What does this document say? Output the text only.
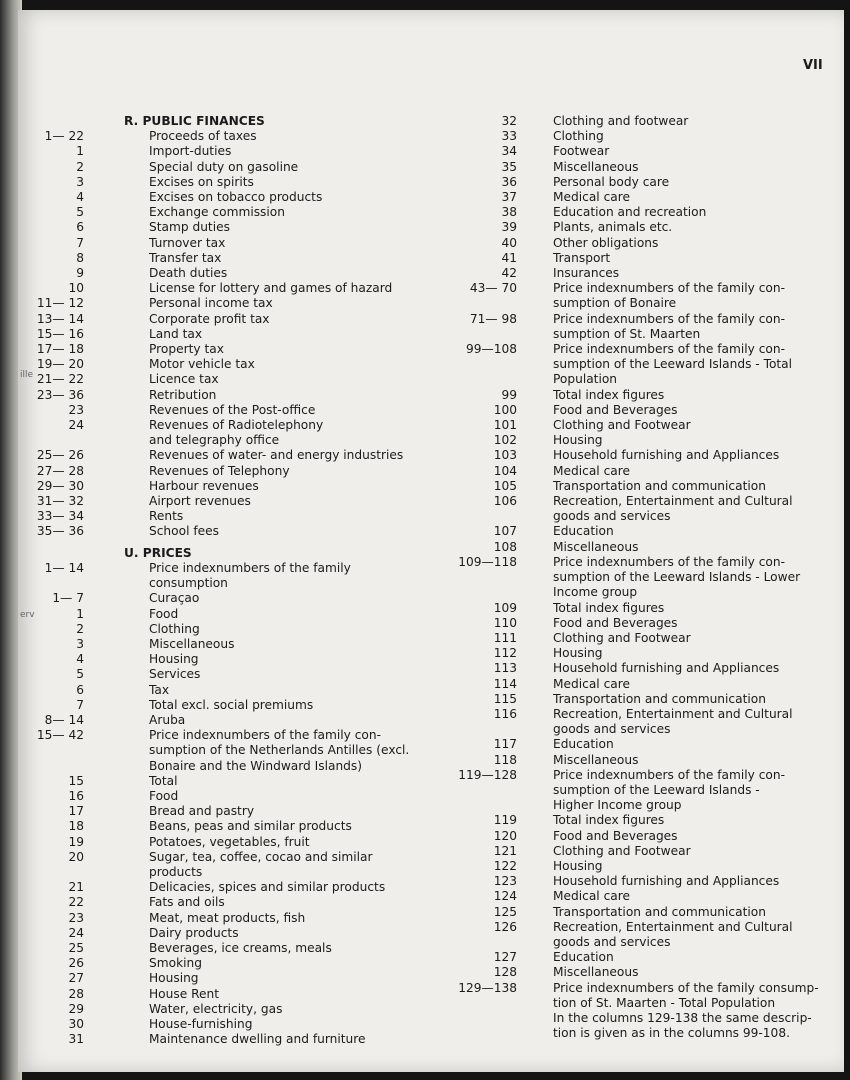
ille
erv
VII
R. PUBLIC FINANCES
1— 22	Proceeds of taxes
1	Import-duties
2	Special duty on gasoline
3	Excises on spirits
4	Excises on tobacco products
5	Exchange commission
6	Stamp duties
7	Turnover tax
8	Transfer tax
9	Death duties
10	License for lottery and games of hazard
11— 12	Personal income tax
13— 14	Corporate profit tax
15— 16	Land tax
17— 18	Property tax
19— 20	Motor vehicle tax
21— 22	Licence tax
23— 36	Retribution
23	Revenues of the Post-office
24	Revenues of Radiotelephony
and telegraphy office
25— 26	Revenues of water- and energy industries
27— 28	Revenues of Telephony
29— 30	Harbour revenues
31— 32	Airport revenues
33— 34	Rents
35— 36	School fees
U. PRICES
1— 14	Price indexnumbers of the family
consumption
1— 7	Curaçao
1	Food
2	Clothing
3	Miscellaneous
4	Housing
5	Services
6	Tax
7	Total excl. social premiums
8— 14	Aruba
15— 42	Price indexnumbers of the family con-
sumption of the Netherlands Antilles (excl.
Bonaire and the Windward Islands)
15	Total
16	Food
17	Bread and pastry
18	Beans, peas and similar products
19	Potatoes, vegetables, fruit
20	Sugar, tea, coffee, cocao and similar
products
21	Delicacies, spices and similar products
22	Fats and oils
23	Meat, meat products, fish
24	Dairy products
25	Beverages, ice creams, meals
26	Smoking
27	Housing
28	House Rent
29	Water, electricity, gas
30	House-furnishing
31	Maintenance dwelling and furniture
32	Clothing and footwear
33	Clothing
34	Footwear
35	Miscellaneous
36	Personal body care
37	Medical care
38	Education and recreation
39	Plants, animals etc.
40	Other obligations
41	Transport
42	Insurances
43— 70	Price indexnumbers of the family con-
sumption of Bonaire
71— 98	Price indexnumbers of the family con-
sumption of St. Maarten
99—108	Price indexnumbers of the family con-
sumption of the Leeward Islands - Total
Population
99	Total index figures
100	Food and Beverages
101	Clothing and Footwear
102	Housing
103	Household furnishing and Appliances
104	Medical care
105	Transportation and communication
106	Recreation, Entertainment and Cultural
goods and services
107	Education
108	Miscellaneous
109—118	Price indexnumbers of the family con-
sumption of the Leeward Islands - Lower
Income group
109	Total index figures
110	Food and Beverages
111	Clothing and Footwear
112	Housing
113	Household furnishing and Appliances
114	Medical care
115	Transportation and communication
116	Recreation, Entertainment and Cultural
goods and services
117	Education
118	Miscellaneous
119—128	Price indexnumbers of the family con-
sumption of the Leeward Islands -
Higher Income group
119	Total index figures
120	Food and Beverages
121	Clothing and Footwear
122	Housing
123	Household furnishing and Appliances
124	Medical care
125	Transportation and communication
126	Recreation, Entertainment and Cultural
goods and services
127	Education
128	Miscellaneous
129—138	Price indexnumbers of the family consump-
tion of St. Maarten - Total Population
In the columns 129-138 the same descrip-
tion is given as in the columns 99-108.
